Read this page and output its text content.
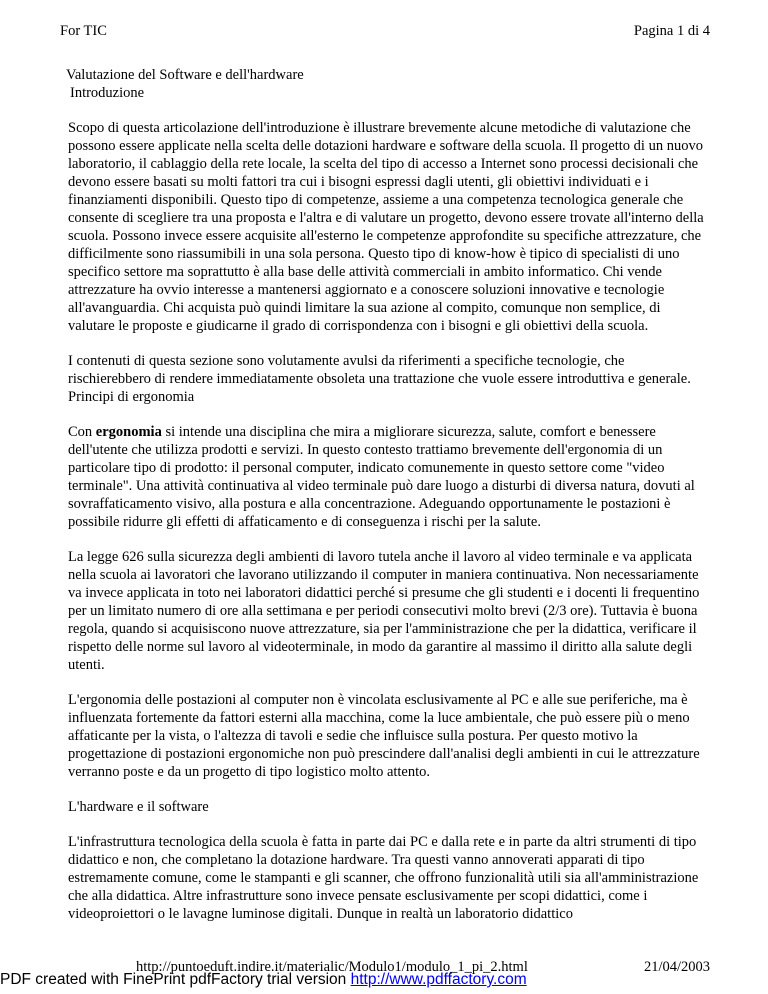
For TIC	Pagina 1 di 4
Valutazione del Software e dell'hardware
Introduzione

Scopo di questa articolazione dell'introduzione è illustrare brevemente alcune metodiche di valutazione che possono essere applicate nella scelta delle dotazioni hardware e software della scuola. Il progetto di un nuovo laboratorio, il cablaggio della rete locale, la scelta del tipo di accesso a Internet sono processi decisionali che devono essere basati su molti fattori tra cui i bisogni espressi dagli utenti, gli obiettivi individuati e i finanziamenti disponibili. Questo tipo di competenze, assieme a una competenza tecnologica generale che consente di scegliere tra una proposta e l'altra e di valutare un progetto, devono essere trovate all'interno della scuola. Possono invece essere acquisite all'esterno le competenze approfondite su specifiche attrezzature, che difficilmente sono riassumibili in una sola persona. Questo tipo di know-how è tipico di specialisti di uno specifico settore ma soprattutto è alla base delle attività commerciali in ambito informatico. Chi vende attrezzature ha ovvio interesse a mantenersi aggiornato e a conoscere soluzioni innovative e tecnologie all'avanguardia. Chi acquista può quindi limitare la sua azione al compito, comunque non semplice, di valutare le proposte e giudicarne il grado di corrispondenza con i bisogni e gli obiettivi della scuola.

I contenuti di questa sezione sono volutamente avulsi da riferimenti a specifiche tecnologie, che rischierebbero di rendere immediatamente obsoleta una trattazione che vuole essere introduttiva e generale.

Principi di ergonomia

Con ergonomia si intende una disciplina che mira a migliorare sicurezza, salute, comfort e benessere dell'utente che utilizza prodotti e servizi. In questo contesto trattiamo brevemente dell'ergonomia di un particolare tipo di prodotto: il personal computer, indicato comunemente in questo settore come "video terminale". Una attività continuativa al video terminale può dare luogo a disturbi di diversa natura, dovuti al sovraffaticamento visivo, alla postura e alla concentrazione. Adeguando opportunamente le postazioni è possibile ridurre gli effetti di affaticamento e di conseguenza i rischi per la salute.

La legge 626 sulla sicurezza degli ambienti di lavoro tutela anche il lavoro al video terminale e va applicata nella scuola ai lavoratori che lavorano utilizzando il computer in maniera continuativa. Non necessariamente va invece applicata in toto nei laboratori didattici perché si presume che gli studenti e i docenti li frequentino per un limitato numero di ore alla settimana e per periodi consecutivi molto brevi (2/3 ore). Tuttavia è buona regola, quando si acquisiscono nuove attrezzature, sia per l'amministrazione che per la didattica, verificare il rispetto delle norme sul lavoro al videoterminale, in modo da garantire al massimo il diritto alla salute degli utenti.

L'ergonomia delle postazioni al computer non è vincolata esclusivamente al PC e alle sue periferiche, ma è influenzata fortemente da fattori esterni alla macchina, come la luce ambientale, che può essere più o meno affaticante per la vista, o l'altezza di tavoli e sedie che influisce sulla postura. Per questo motivo la progettazione di postazioni ergonomiche non può prescindere dall'analisi degli ambienti in cui le attrezzature verranno poste e da un progetto di tipo logistico molto attento.

L'hardware e il software

L'infrastruttura tecnologica della scuola è fatta in parte dai PC e dalla rete e in parte da altri strumenti di tipo didattico e non, che completano la dotazione hardware. Tra questi vanno annoverati apparati di tipo estremamente comune, come le stampanti e gli scanner, che offrono funzionalità utili sia all'amministrazione che alla didattica. Altre infrastrutture sono invece pensate esclusivamente per scopi didattici, come i videoproiettori o le lavagne luminose digitali. Dunque in realtà un laboratorio didattico

http://puntoeduft.indire.it/materialic/Modulo1/modulo_1_pi_2.html	21/04/2003
PDF created with FinePrint pdfFactory trial version http://www.pdffactory.com
